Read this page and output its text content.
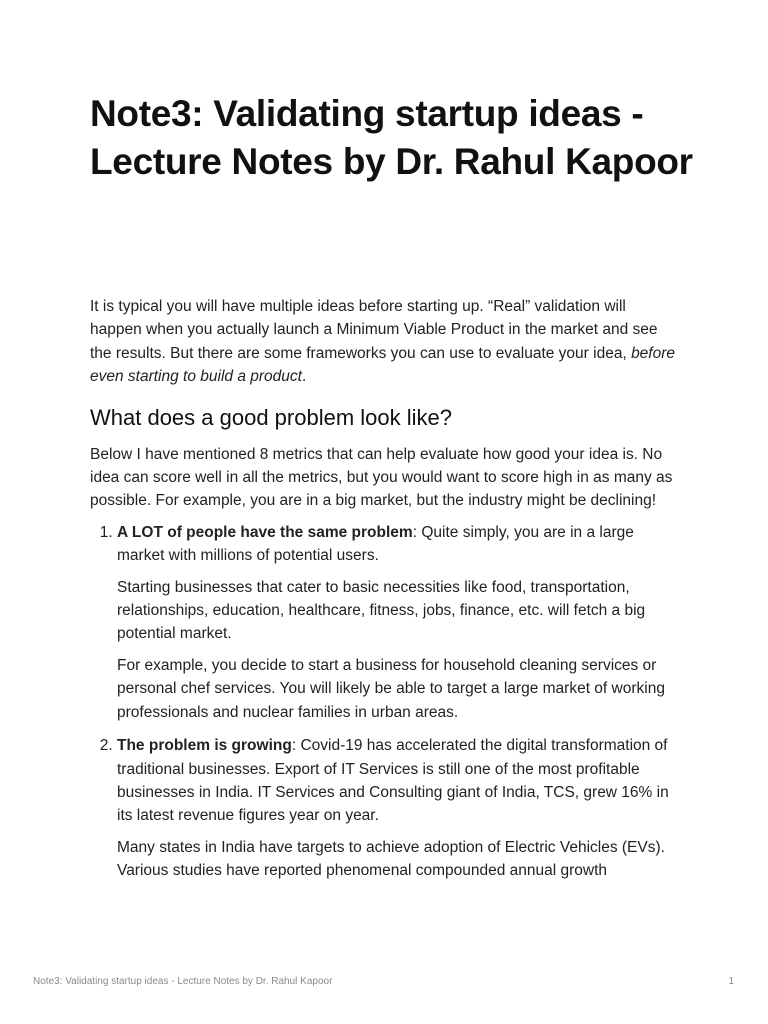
Note3: Validating startup ideas - Lecture Notes by Dr. Rahul Kapoor

It is typical you will have multiple ideas before starting up. “Real” validation will happen when you actually launch a Minimum Viable Product in the market and see the results. But there are some frameworks you can use to evaluate your idea, before even starting to build a product.

What does a good problem look like?

Below I have mentioned 8 metrics that can help evaluate how good your idea is. No idea can score well in all the metrics, but you would want to score high in as many as possible. For example, you are in a big market, but the industry might be declining!

1. A LOT of people have the same problem: Quite simply, you are in a large market with millions of potential users.

Starting businesses that cater to basic necessities like food, transportation, relationships, education, healthcare, fitness, jobs, finance, etc. will fetch a big potential market.

For example, you decide to start a business for household cleaning services or personal chef services. You will likely be able to target a large market of working professionals and nuclear families in urban areas.

2. The problem is growing: Covid-19 has accelerated the digital transformation of traditional businesses. Export of IT Services is still one of the most profitable businesses in India. IT Services and Consulting giant of India, TCS, grew 16% in its latest revenue figures year on year.

Many states in India have targets to achieve adoption of Electric Vehicles (EVs). Various studies have reported phenomenal compounded annual growth

Note3: Validating startup ideas - Lecture Notes by Dr. Rahul Kapoor	1
